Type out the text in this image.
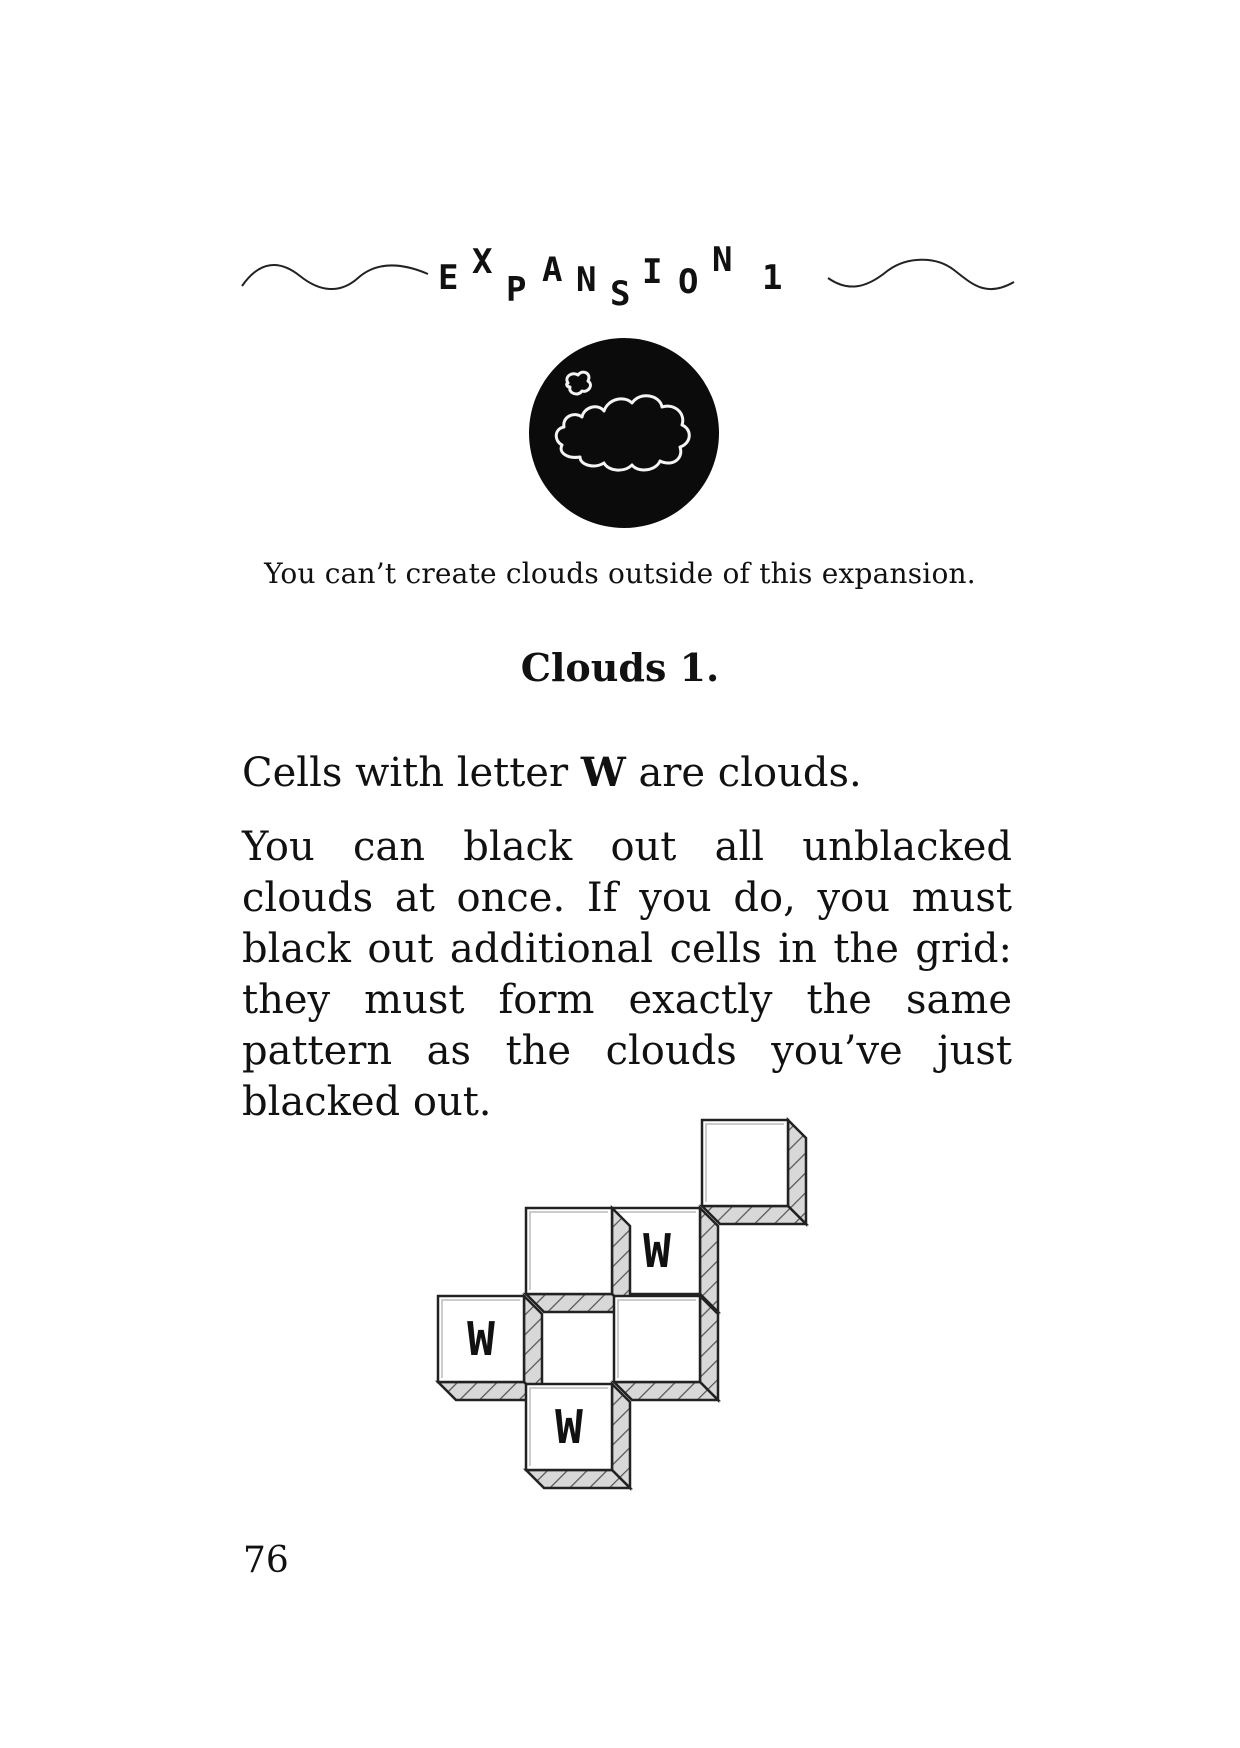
E X
P A N S
I O
N 1
You can’t create clouds outside of this expansion.
Clouds 1.

Cells with letter W are clouds.

You can black out all unblacked clouds at once. If you do, you must black out additional cells in the grid: they must form exactly the same pattern as the clouds you’ve just blacked out.

W
W
W
76
